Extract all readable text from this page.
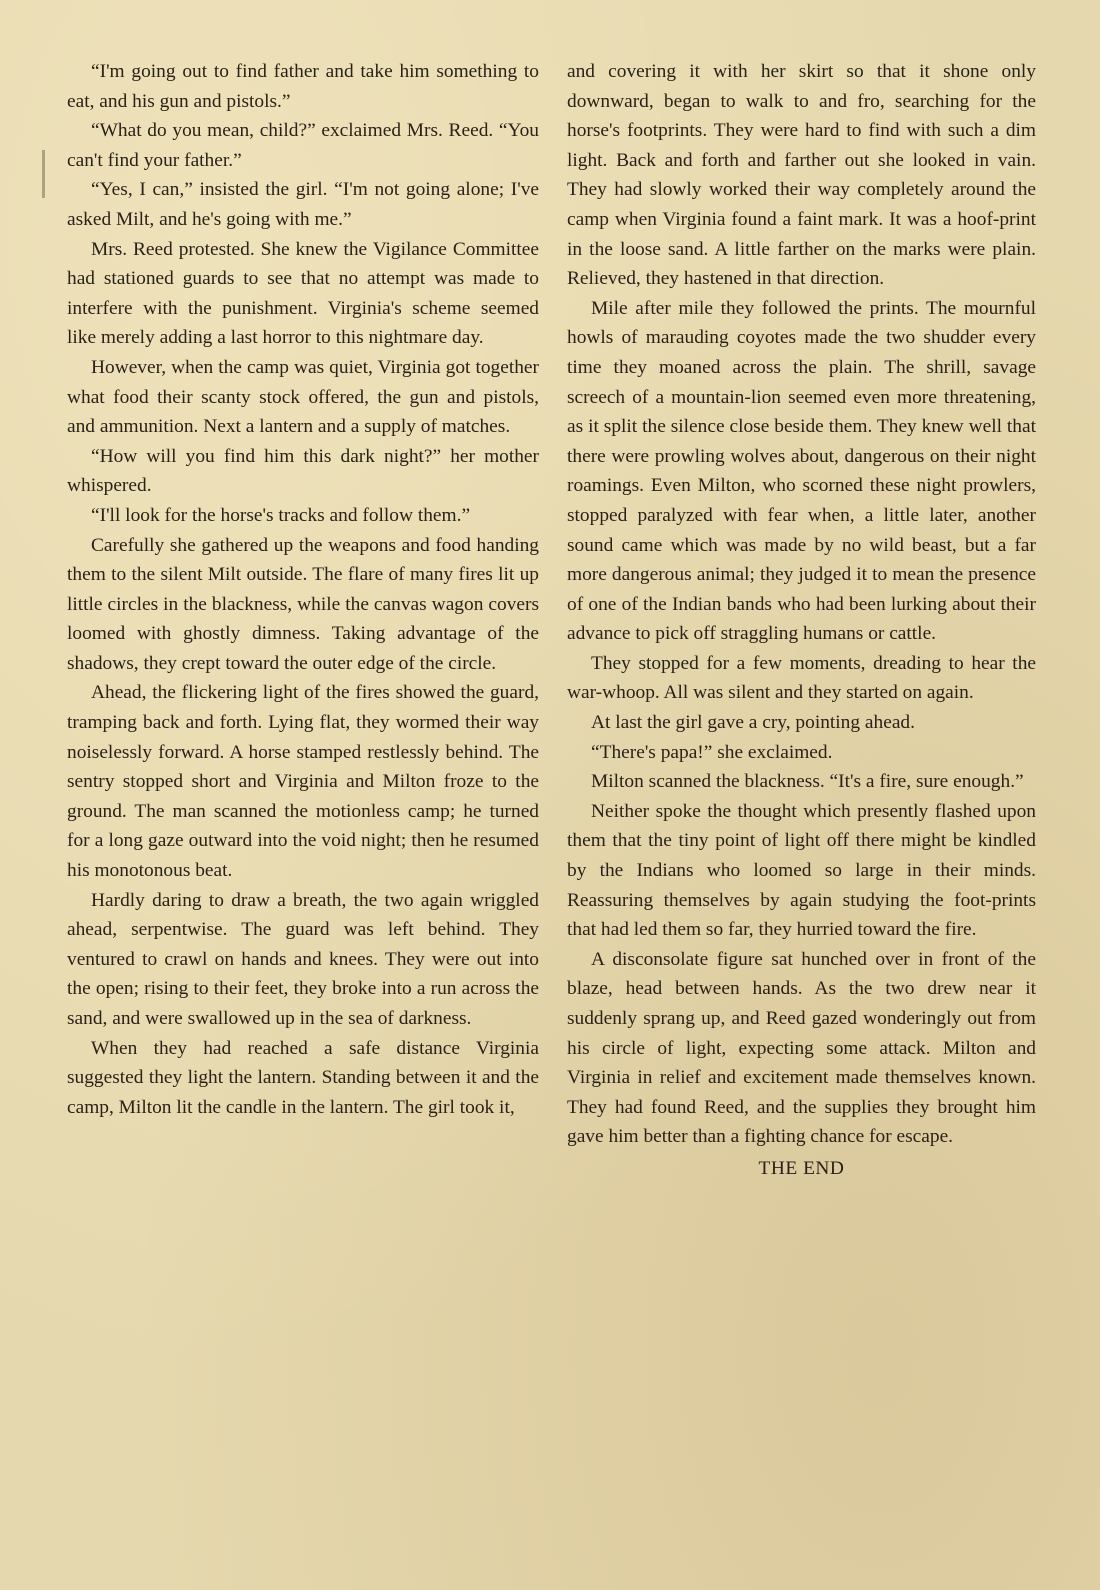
“I'm going out to find father and take him something to eat, and his gun and pistols.”

“What do you mean, child?” exclaimed Mrs. Reed. “You can't find your father.”

“Yes, I can,” insisted the girl. “I'm not going alone; I've asked Milt, and he's going with me.”

Mrs. Reed protested. She knew the Vigilance Committee had stationed guards to see that no attempt was made to interfere with the punishment. Virginia's scheme seemed like merely adding a last horror to this nightmare day.

However, when the camp was quiet, Virginia got together what food their scanty stock offered, the gun and pistols, and ammunition. Next a lantern and a supply of matches.

“How will you find him this dark night?” her mother whispered.

“I'll look for the horse's tracks and follow them.”

Carefully she gathered up the weapons and food handing them to the silent Milt outside. The flare of many fires lit up little circles in the blackness, while the canvas wagon covers loomed with ghostly dimness. Taking advantage of the shadows, they crept toward the outer edge of the circle.

Ahead, the flickering light of the fires showed the guard, tramping back and forth. Lying flat, they wormed their way noiselessly forward. A horse stamped restlessly behind. The sentry stopped short and Virginia and Milton froze to the ground. The man scanned the motionless camp; he turned for a long gaze outward into the void night; then he resumed his monotonous beat.

Hardly daring to draw a breath, the two again wriggled ahead, serpentwise. The guard was left behind. They ventured to crawl on hands and knees. They were out into the open; rising to their feet, they broke into a run across the sand, and were swallowed up in the sea of darkness.

When they had reached a safe distance Virginia suggested they light the lantern. Standing between it and the camp, Milton lit the candle in the lantern. The girl took it,

and covering it with her skirt so that it shone only downward, began to walk to and fro, searching for the horse's footprints. They were hard to find with such a dim light. Back and forth and farther out she looked in vain. They had slowly worked their way completely around the camp when Virginia found a faint mark. It was a hoof-print in the loose sand. A little farther on the marks were plain. Relieved, they hastened in that direction.

Mile after mile they followed the prints. The mournful howls of marauding coyotes made the two shudder every time they moaned across the plain. The shrill, savage screech of a mountain-lion seemed even more threatening, as it split the silence close beside them. They knew well that there were prowling wolves about, dangerous on their night roamings. Even Milton, who scorned these night prowlers, stopped paralyzed with fear when, a little later, another sound came which was made by no wild beast, but a far more dangerous animal; they judged it to mean the presence of one of the Indian bands who had been lurking about their advance to pick off straggling humans or cattle.

They stopped for a few moments, dreading to hear the war-whoop. All was silent and they started on again.

At last the girl gave a cry, pointing ahead.

“There's papa!” she exclaimed.

Milton scanned the blackness. “It's a fire, sure enough.”

Neither spoke the thought which presently flashed upon them that the tiny point of light off there might be kindled by the Indians who loomed so large in their minds. Reassuring themselves by again studying the foot-prints that had led them so far, they hurried toward the fire.

A disconsolate figure sat hunched over in front of the blaze, head between hands. As the two drew near it suddenly sprang up, and Reed gazed wonderingly out from his circle of light, expecting some attack. Milton and Virginia in relief and excitement made themselves known. They had found Reed, and the supplies they brought him gave him better than a fighting chance for escape.

THE END
